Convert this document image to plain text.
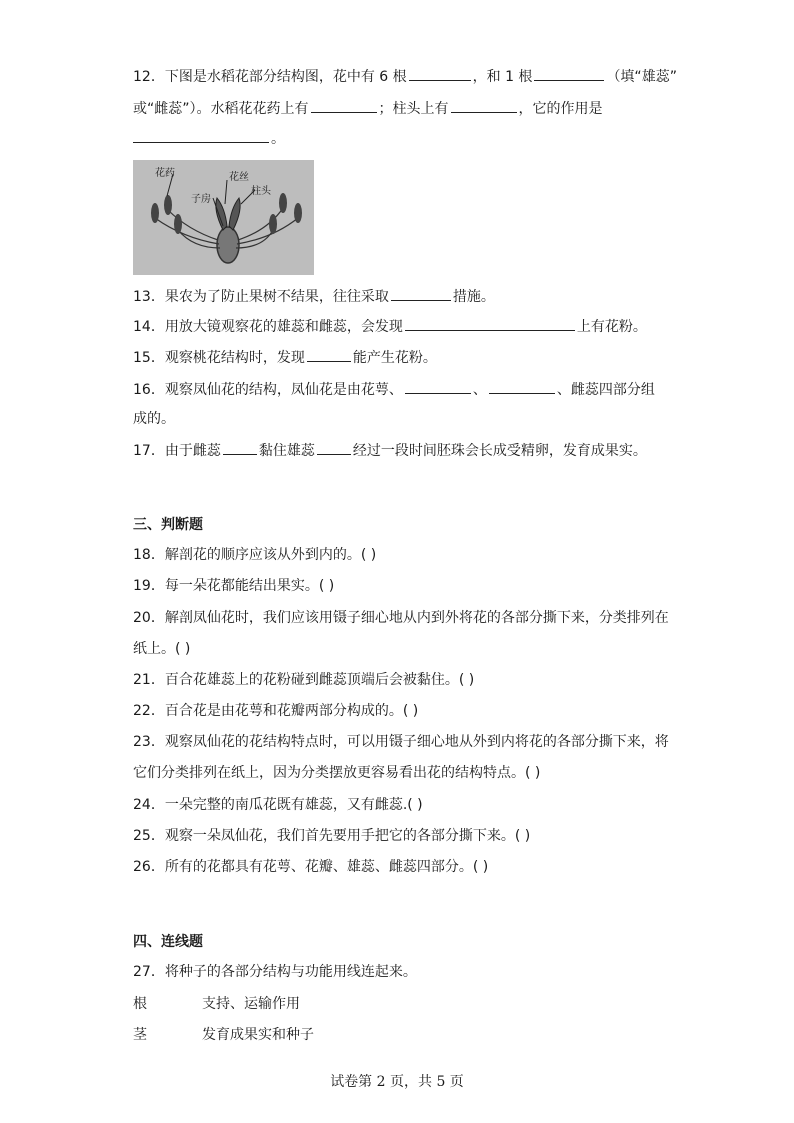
12．下图是水稻花部分结构图，花中有 6 根	，和 1 根	（填“雄蕊”
或“雌蕊”）。水稻花花药上有	；柱头上有	，它的作用是
。
花药
子房
花丝
柱头
13．果农为了防止果树不结果，往往采取	措施。
14．用放大镜观察花的雄蕊和雌蕊，会发现	上有花粉。
15．观察桃花结构时，发现	能产生花粉。
16．观察凤仙花的结构，凤仙花是由花萼、	、	、雌蕊四部分组
成的。
17．由于雌蕊	黏住雄蕊	经过一段时间胚珠会长成受精卵，发育成果实。
三、判断题
18．解剖花的顺序应该从外到内的。( )
19．每一朵花都能结出果实。( )
20．解剖凤仙花时，我们应该用镊子细心地从内到外将花的各部分撕下来，分类排列在
纸上。( )
21．百合花雄蕊上的花粉碰到雌蕊顶端后会被黏住。( )
22．百合花是由花萼和花瓣两部分构成的。( )
23．观察凤仙花的花结构特点时，可以用镊子细心地从外到内将花的各部分撕下来，将
它们分类排列在纸上，因为分类摆放更容易看出花的结构特点。( )
24．一朵完整的南瓜花既有雄蕊，又有雌蕊.( )
25．观察一朵凤仙花，我们首先要用手把它的各部分撕下来。( )
26．所有的花都具有花萼、花瓣、雄蕊、雌蕊四部分。( )
四、连线题
27．将种子的各部分结构与功能用线连起来。
根	支持、运输作用
茎	发育成果实和种子
试卷第 2 页，共 5 页
